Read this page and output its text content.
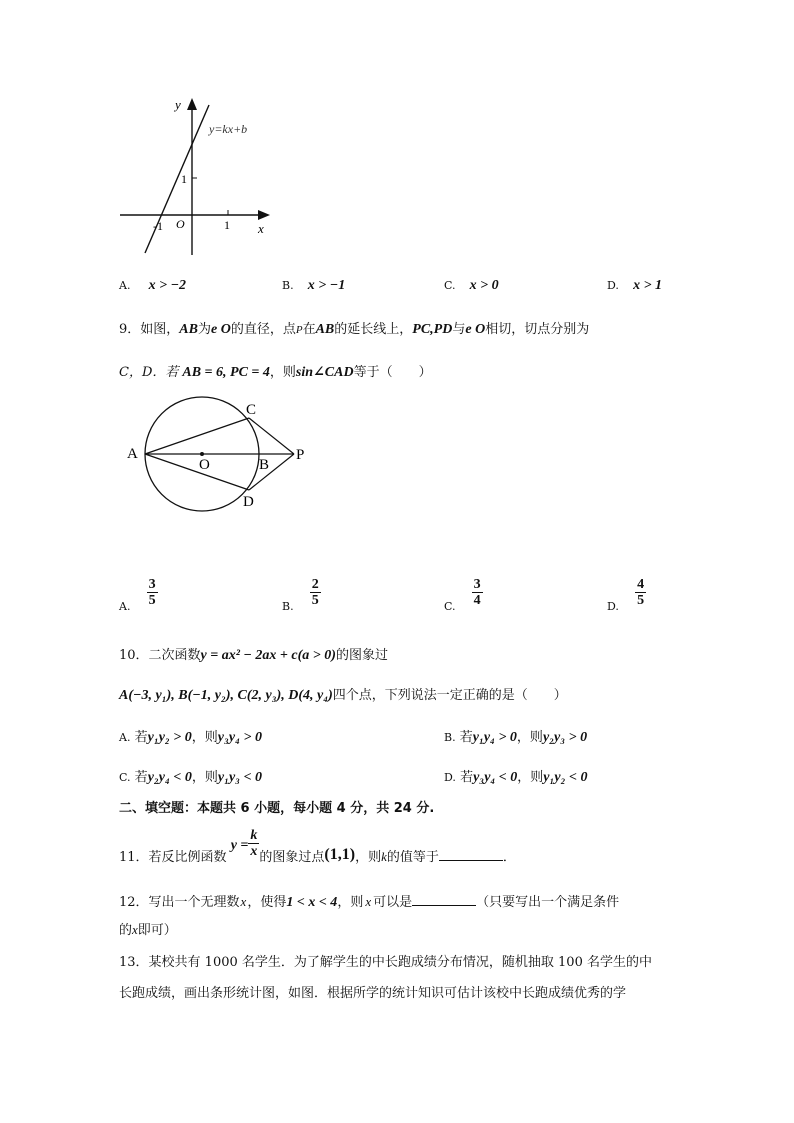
y=kx+b
y
x
O
-1	1
1
A. x > −2	B. x > −1	C. x > 0	D. x > 1
9．如图，AB为e O的直径，点P在AB的延长线上，PC,PD与e O相切，切点分别为
C，D．若 AB = 6, PC = 4，则sin∠CAD等于（　　）
A
C
D
O	B
P
$_{A.} \frac{3}{5}$	$_{B.} \frac{2}{5}$	$_{C.} \frac{3}{4}$	$_{D.} \frac{4}{5}$
10．二次函数y = ax² − 2ax + c(a > 0)的图象过
A(−3, y₁), B(−1, y₂), C(2, y₃), D(4, y₄)四个点，下列说法一定正确的是（　　）
A. 若y₁y₂ > 0，则y₃y₄ > 0	B. 若y₁y₄ > 0，则y₂y₃ > 0
C. 若y₂y₄ < 0，则y₁y₃ < 0	D. 若y₃y₄ < 0，则y₁y₂ < 0
二、填空题：本题共 6 小题，每小题 4 分，共 24 分.
11．若反比例函数 $y = \frac{k}{x}$ 的图象过点(1,1)，则k的值等于	．
12．写出一个无理数x，使得1 < x < 4，则 x 可以是	（只要写出一个满足条件
的x即可）
13．某校共有 1000 名学生．为了解学生的中长跑成绩分布情况，随机抽取 100 名学生的中
长跑成绩，画出条形统计图，如图．根据所学的统计知识可估计该校中长跑成绩优秀的学
